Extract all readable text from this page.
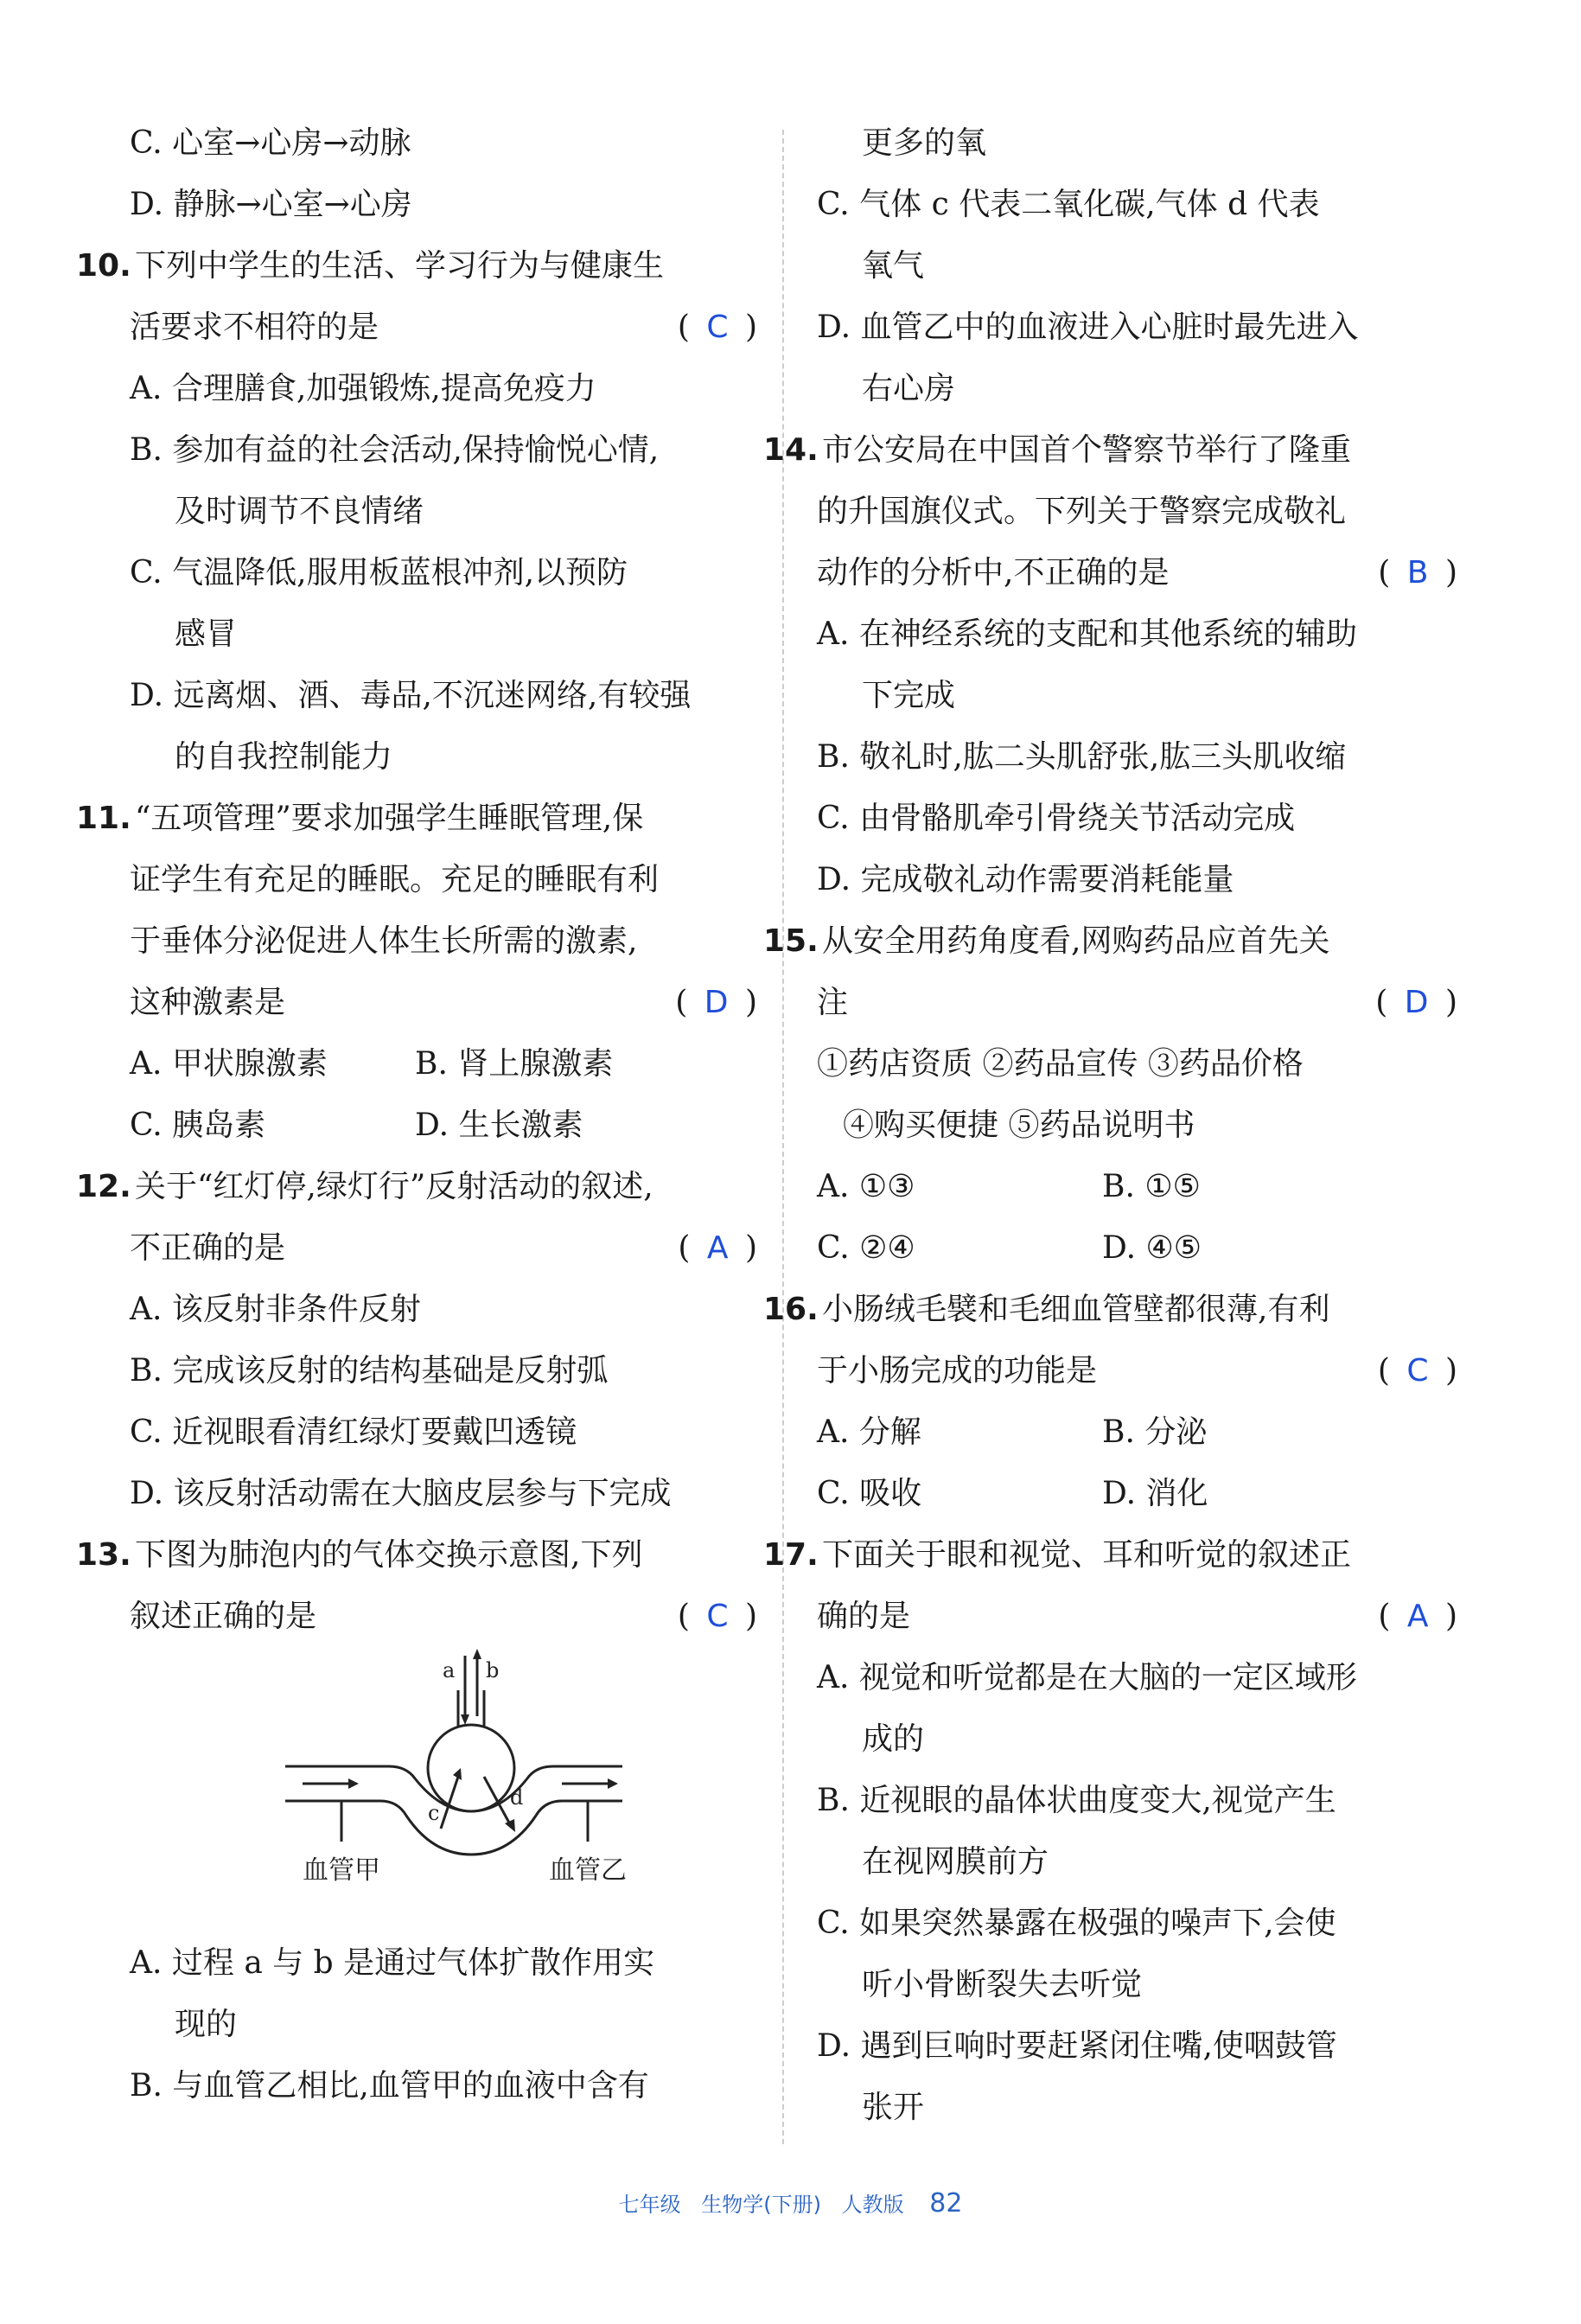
C. 心室→心房→动脉
D. 静脉→心室→心房
10. 下列中学生的生活、学习行为与健康生
活要求不相符的是	( C )
A. 合理膳食,加强锻炼,提高免疫力
B. 参加有益的社会活动,保持愉悦心情,
及时调节不良情绪
C. 气温降低,服用板蓝根冲剂,以预防
感冒
D. 远离烟、酒、毒品,不沉迷网络,有较强
的自我控制能力
11. “五项管理”要求加强学生睡眠管理,保
证学生有充足的睡眠。充足的睡眠有利
于垂体分泌促进人体生长所需的激素,
这种激素是	( D )
A. 甲状腺激素	B. 肾上腺激素
C. 胰岛素	D. 生长激素
12. 关于“红灯停,绿灯行”反射活动的叙述,
不正确的是	( A )
A. 该反射非条件反射
B. 完成该反射的结构基础是反射弧
C. 近视眼看清红绿灯要戴凹透镜
D. 该反射活动需在大脑皮层参与下完成
13. 下图为肺泡内的气体交换示意图,下列
叙述正确的是	( C )
a b
c
d
血管甲	血管乙
A. 过程 a 与 b 是通过气体扩散作用实
现的
B. 与血管乙相比,血管甲的血液中含有
更多的氧
C. 气体 c 代表二氧化碳,气体 d 代表
氧气
D. 血管乙中的血液进入心脏时最先进入
右心房
14. 市公安局在中国首个警察节举行了隆重
的升国旗仪式。下列关于警察完成敬礼
动作的分析中,不正确的是	( B )
A. 在神经系统的支配和其他系统的辅助
下完成
B. 敬礼时,肱二头肌舒张,肱三头肌收缩
C. 由骨骼肌牵引骨绕关节活动完成
D. 完成敬礼动作需要消耗能量
15. 从安全用药角度看,网购药品应首先关
注	( D )
①药店资质 ②药品宣传 ③药品价格
④购买便捷 ⑤药品说明书
A. ①③	B. ①⑤
C. ②④	D. ④⑤
16. 小肠绒毛襞和毛细血管壁都很薄,有利
于小肠完成的功能是	( C )
A. 分解	B. 分泌
C. 吸收	D. 消化
17. 下面关于眼和视觉、耳和听觉的叙述正
确的是	( A )
A. 视觉和听觉都是在大脑的一定区域形
成的
B. 近视眼的晶体状曲度变大,视觉产生
在视网膜前方
C. 如果突然暴露在极强的噪声下,会使
听小骨断裂失去听觉
D. 遇到巨响时要赶紧闭住嘴,使咽鼓管
张开
七年级 生物学(下册) 人教版 82
